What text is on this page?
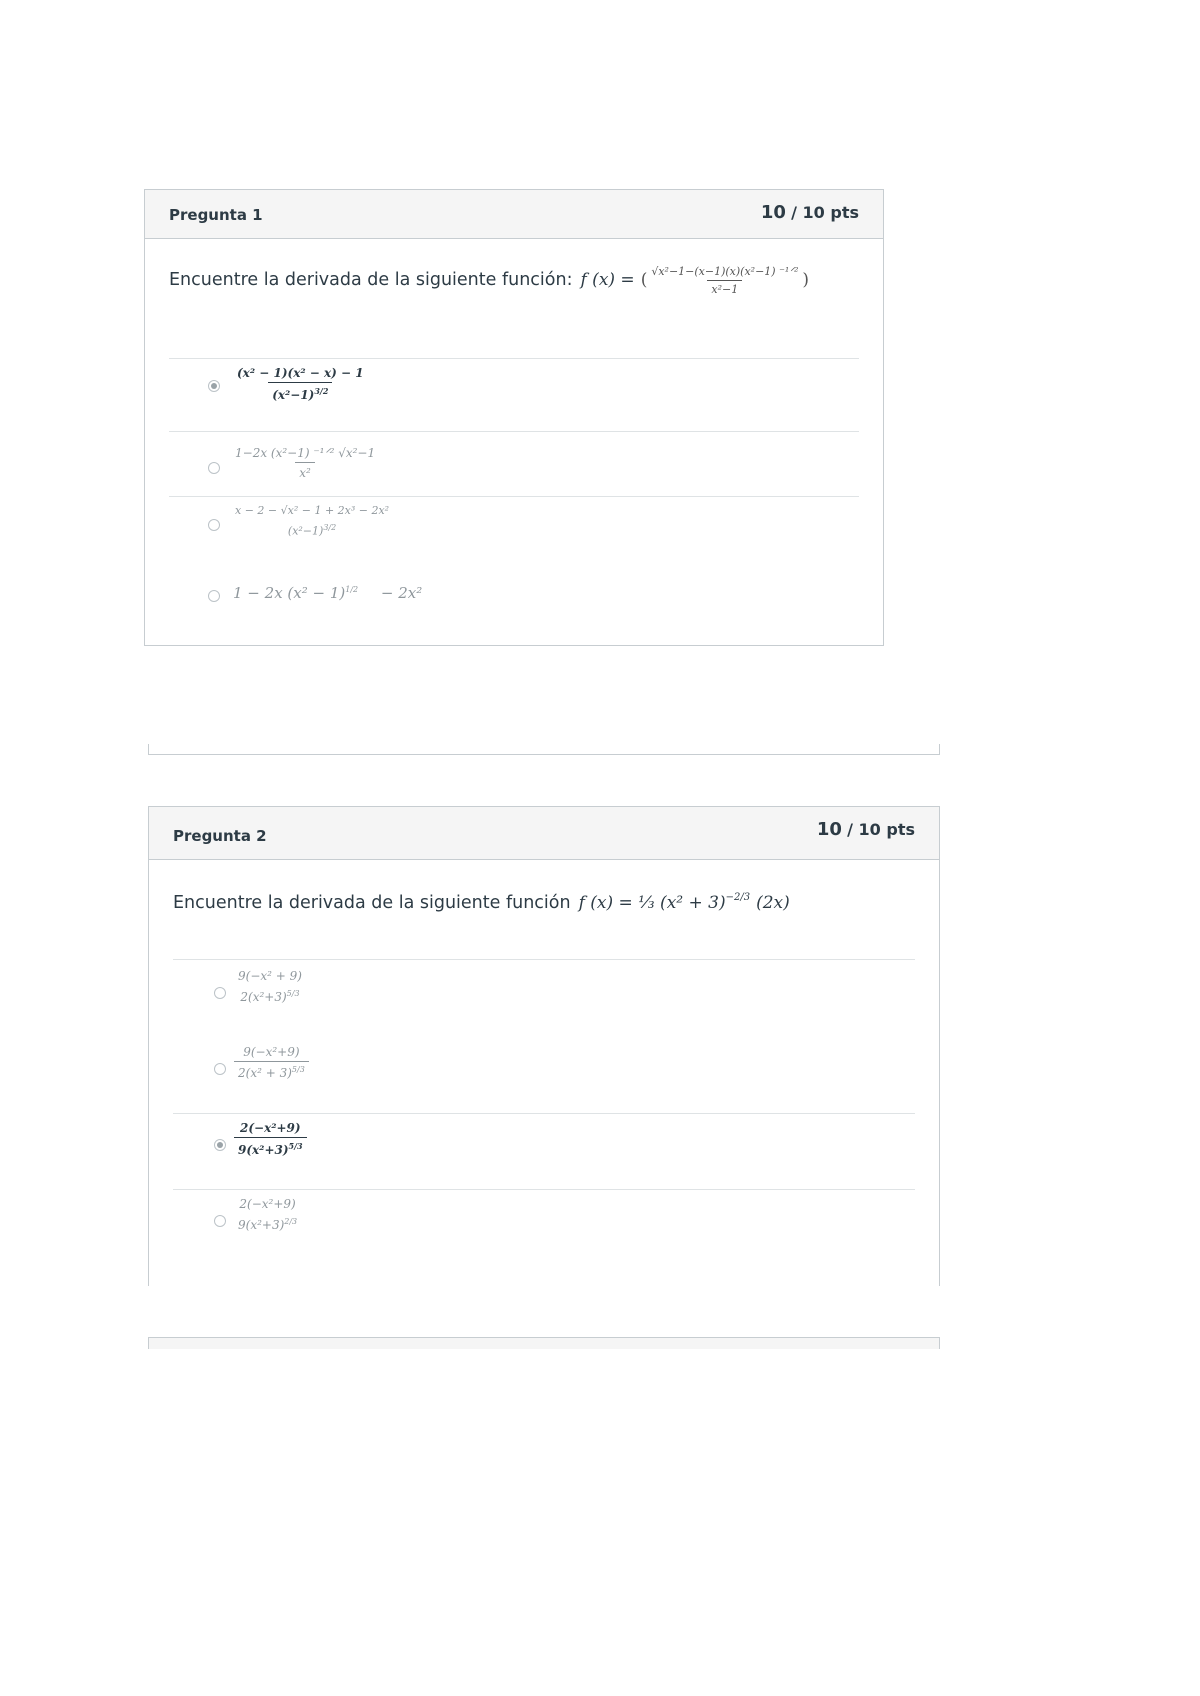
Pregunta 1	10 / 10 pts
Encuentre la derivada de la siguiente función: f (x) = ( √x²−1−(x−1)(x)(x²−1) ⁻¹ᐟ²
x²−1	)
$\frac{\text{(x² − 1)(x² − x) − 1}}{(x^2-1)^{3/2}}$
1−2x (x²−1) ⁻¹ᐟ² √x²−1
x²
x − 2 − √x² − 1 + 2x³ − 2x²
$(x^2-1)^{3/2}$
1 − 2x $(x^2 - 1)^{1/2} - 2x^2$
Pregunta 2	10 / 10 pts
Encuentre la derivada de la siguiente función f (x) = ⅓ (x² + 3) −2/3 (2x)
9(−x² + 9)
$2(x^2+3)^{5/3}$
$\frac{\text{9(−x²+9)}}{2(x^2 + 3)^{5/3}}$
$\frac{\text{2(−x²+9)}}{9(x^2+3)^{5/3}}$
2(−x²+9)
$9(x^2+3)^{2/3}$
